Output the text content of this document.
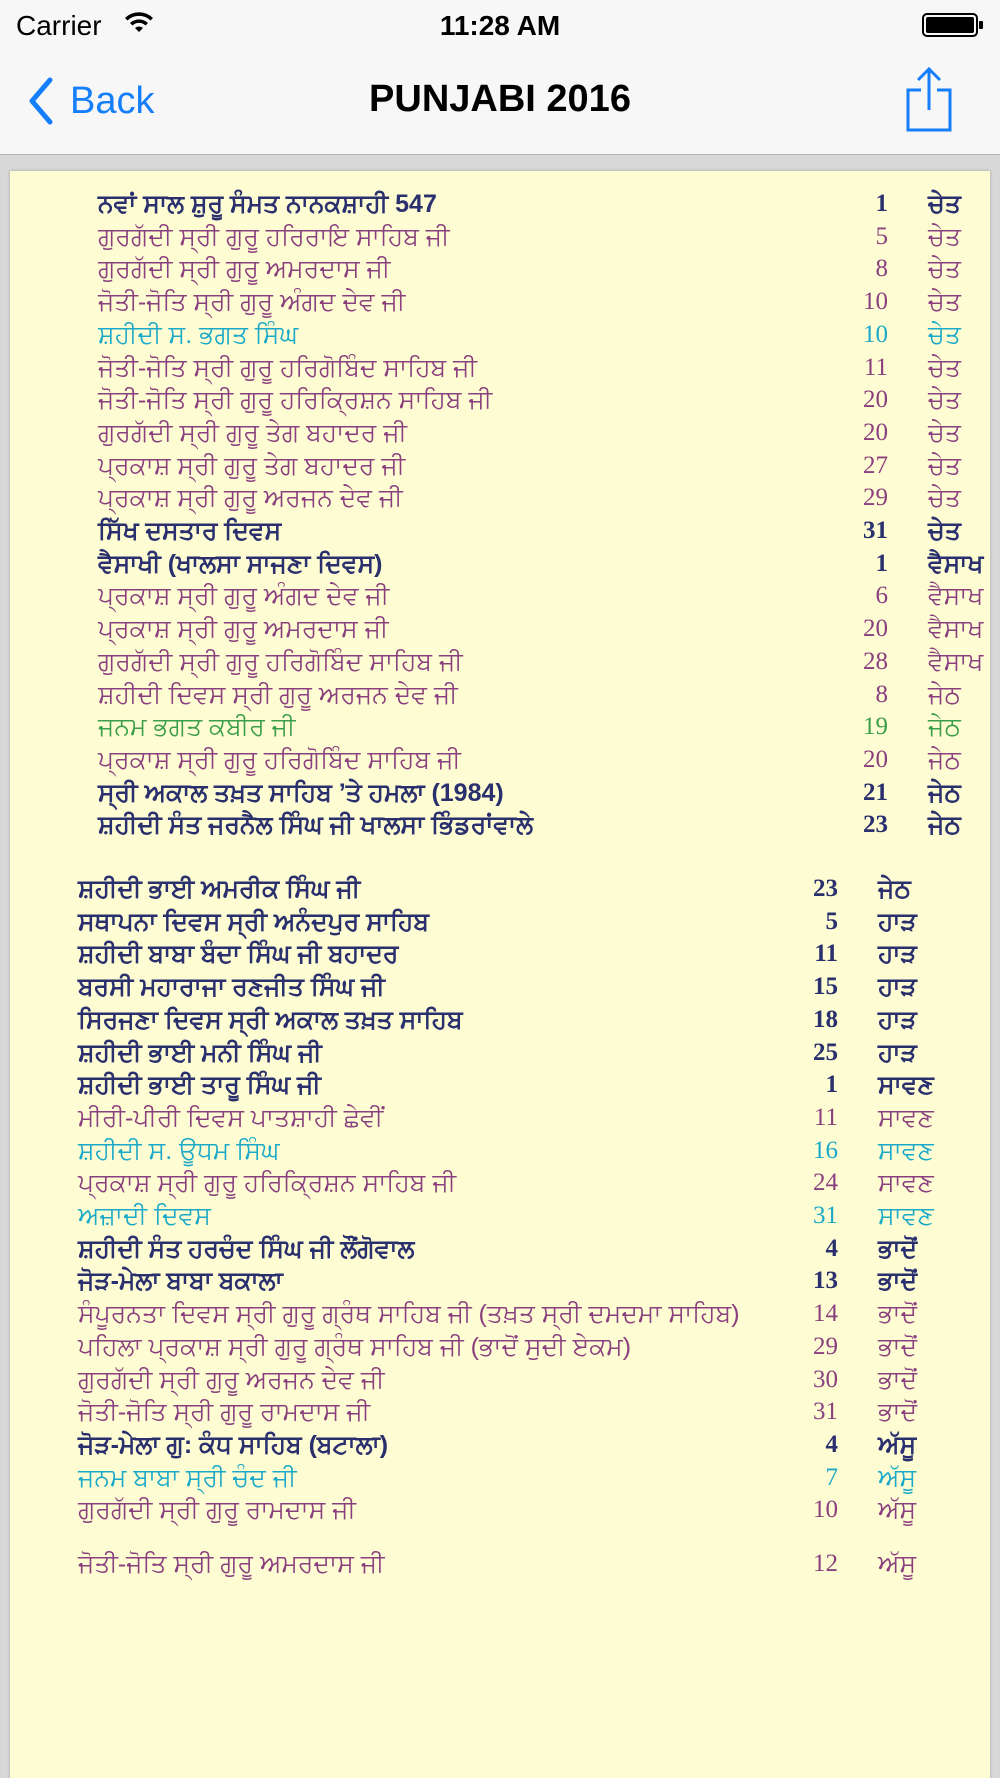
Carrier	11:28 AM
Back	PUNJABI 2016
ਨਵਾਂ ਸਾਲ ਸ਼ੁਰੂ ਸੰਮਤ ਨਾਨਕਸ਼ਾਹੀ 547	1 ਚੇਤ
ਗੁਰਗੱਦੀ ਸ੍ਰੀ ਗੁਰੂ ਹਰਿਰਾਇ ਸਾਹਿਬ ਜੀ	5 ਚੇਤ
ਗੁਰਗੱਦੀ ਸ੍ਰੀ ਗੁਰੂ ਅਮਰਦਾਸ ਜੀ	8 ਚੇਤ
ਜੋਤੀ-ਜੋਤਿ ਸ੍ਰੀ ਗੁਰੂ ਅੰਗਦ ਦੇਵ ਜੀ	10 ਚੇਤ
ਸ਼ਹੀਦੀ ਸ. ਭਗਤ ਸਿੰਘ	10 ਚੇਤ
ਜੋਤੀ-ਜੋਤਿ ਸ੍ਰੀ ਗੁਰੂ ਹਰਿਗੋਬਿੰਦ ਸਾਹਿਬ ਜੀ	11 ਚੇਤ
ਜੋਤੀ-ਜੋਤਿ ਸ੍ਰੀ ਗੁਰੂ ਹਰਿਕ੍ਰਿਸ਼ਨ ਸਾਹਿਬ ਜੀ	20 ਚੇਤ
ਗੁਰਗੱਦੀ ਸ੍ਰੀ ਗੁਰੂ ਤੇਗ ਬਹਾਦਰ ਜੀ	20 ਚੇਤ
ਪ੍ਰਕਾਸ਼ ਸ੍ਰੀ ਗੁਰੂ ਤੇਗ ਬਹਾਦਰ ਜੀ	27 ਚੇਤ
ਪ੍ਰਕਾਸ਼ ਸ੍ਰੀ ਗੁਰੂ ਅਰਜਨ ਦੇਵ ਜੀ	29 ਚੇਤ
ਸਿੱਖ ਦਸਤਾਰ ਦਿਵਸ	31 ਚੇਤ
ਵੈਸਾਖੀ (ਖਾਲਸਾ ਸਾਜਣਾ ਦਿਵਸ)	1 ਵੈਸਾਖ
ਪ੍ਰਕਾਸ਼ ਸ੍ਰੀ ਗੁਰੂ ਅੰਗਦ ਦੇਵ ਜੀ	6 ਵੈਸਾਖ
ਪ੍ਰਕਾਸ਼ ਸ੍ਰੀ ਗੁਰੂ ਅਮਰਦਾਸ ਜੀ	20 ਵੈਸਾਖ
ਗੁਰਗੱਦੀ ਸ੍ਰੀ ਗੁਰੂ ਹਰਿਗੋਬਿੰਦ ਸਾਹਿਬ ਜੀ	28 ਵੈਸਾਖ
ਸ਼ਹੀਦੀ ਦਿਵਸ ਸ੍ਰੀ ਗੁਰੂ ਅਰਜਨ ਦੇਵ ਜੀ	8 ਜੇਠ
ਜਨਮ ਭਗਤ ਕਬੀਰ ਜੀ	19 ਜੇਠ
ਪ੍ਰਕਾਸ਼ ਸ੍ਰੀ ਗੁਰੂ ਹਰਿਗੋਬਿੰਦ ਸਾਹਿਬ ਜੀ	20 ਜੇਠ
ਸ੍ਰੀ ਅਕਾਲ ਤਖ਼ਤ ਸਾਹਿਬ ’ਤੇ ਹਮਲਾ (1984)	21 ਜੇਠ
ਸ਼ਹੀਦੀ ਸੰਤ ਜਰਨੈਲ ਸਿੰਘ ਜੀ ਖਾਲਸਾ ਭਿੰਡਰਾਂਵਾਲੇ	23 ਜੇਠ
ਸ਼ਹੀਦੀ ਭਾਈ ਅਮਰੀਕ ਸਿੰਘ ਜੀ	23 ਜੇਠ
ਸਥਾਪਨਾ ਦਿਵਸ ਸ੍ਰੀ ਅਨੰਦਪੁਰ ਸਾਹਿਬ	5 ਹਾੜ
ਸ਼ਹੀਦੀ ਬਾਬਾ ਬੰਦਾ ਸਿੰਘ ਜੀ ਬਹਾਦਰ	11 ਹਾੜ
ਬਰਸੀ ਮਹਾਰਾਜਾ ਰਣਜੀਤ ਸਿੰਘ ਜੀ	15 ਹਾੜ
ਸਿਰਜਣਾ ਦਿਵਸ ਸ੍ਰੀ ਅਕਾਲ ਤਖ਼ਤ ਸਾਹਿਬ	18 ਹਾੜ
ਸ਼ਹੀਦੀ ਭਾਈ ਮਨੀ ਸਿੰਘ ਜੀ	25 ਹਾੜ
ਸ਼ਹੀਦੀ ਭਾਈ ਤਾਰੂ ਸਿੰਘ ਜੀ	1 ਸਾਵਣ
ਮੀਰੀ-ਪੀਰੀ ਦਿਵਸ ਪਾਤਸ਼ਾਹੀ ਛੇਵੀਂ	11 ਸਾਵਣ
ਸ਼ਹੀਦੀ ਸ. ਊਧਮ ਸਿੰਘ	16 ਸਾਵਣ
ਪ੍ਰਕਾਸ਼ ਸ੍ਰੀ ਗੁਰੂ ਹਰਿਕ੍ਰਿਸ਼ਨ ਸਾਹਿਬ ਜੀ	24 ਸਾਵਣ
ਅਜ਼ਾਦੀ ਦਿਵਸ	31 ਸਾਵਣ
ਸ਼ਹੀਦੀ ਸੰਤ ਹਰਚੰਦ ਸਿੰਘ ਜੀ ਲੌਂਗੋਵਾਲ	4 ਭਾਦੋਂ
ਜੋੜ-ਮੇਲਾ ਬਾਬਾ ਬਕਾਲਾ	13 ਭਾਦੋਂ
ਸੰਪੂਰਨਤਾ ਦਿਵਸ ਸ੍ਰੀ ਗੁਰੂ ਗ੍ਰੰਥ ਸਾਹਿਬ ਜੀ (ਤਖ਼ਤ ਸ੍ਰੀ ਦਮਦਮਾ ਸਾਹਿਬ)	14 ਭਾਦੋਂ
ਪਹਿਲਾ ਪ੍ਰਕਾਸ਼ ਸ੍ਰੀ ਗੁਰੂ ਗ੍ਰੰਥ ਸਾਹਿਬ ਜੀ (ਭਾਦੋਂ ਸੁਦੀ ਏਕਮ)	29 ਭਾਦੋਂ
ਗੁਰਗੱਦੀ ਸ੍ਰੀ ਗੁਰੂ ਅਰਜਨ ਦੇਵ ਜੀ	30 ਭਾਦੋਂ
ਜੋਤੀ-ਜੋਤਿ ਸ੍ਰੀ ਗੁਰੂ ਰਾਮਦਾਸ ਜੀ	31 ਭਾਦੋਂ
ਜੋੜ-ਮੇਲਾ ਗੁ: ਕੰਧ ਸਾਹਿਬ (ਬਟਾਲਾ)	4 ਅੱਸੂ
ਜਨਮ ਬਾਬਾ ਸ੍ਰੀ ਚੰਦ ਜੀ	7 ਅੱਸੂ
ਗੁਰਗੱਦੀ ਸ੍ਰੀ ਗੁਰੂ ਰਾਮਦਾਸ ਜੀ	10 ਅੱਸੂ
ਜੋਤੀ-ਜੋਤਿ ਸ੍ਰੀ ਗੁਰੂ ਅਮਰਦਾਸ ਜੀ	12 ਅੱਸੂ
